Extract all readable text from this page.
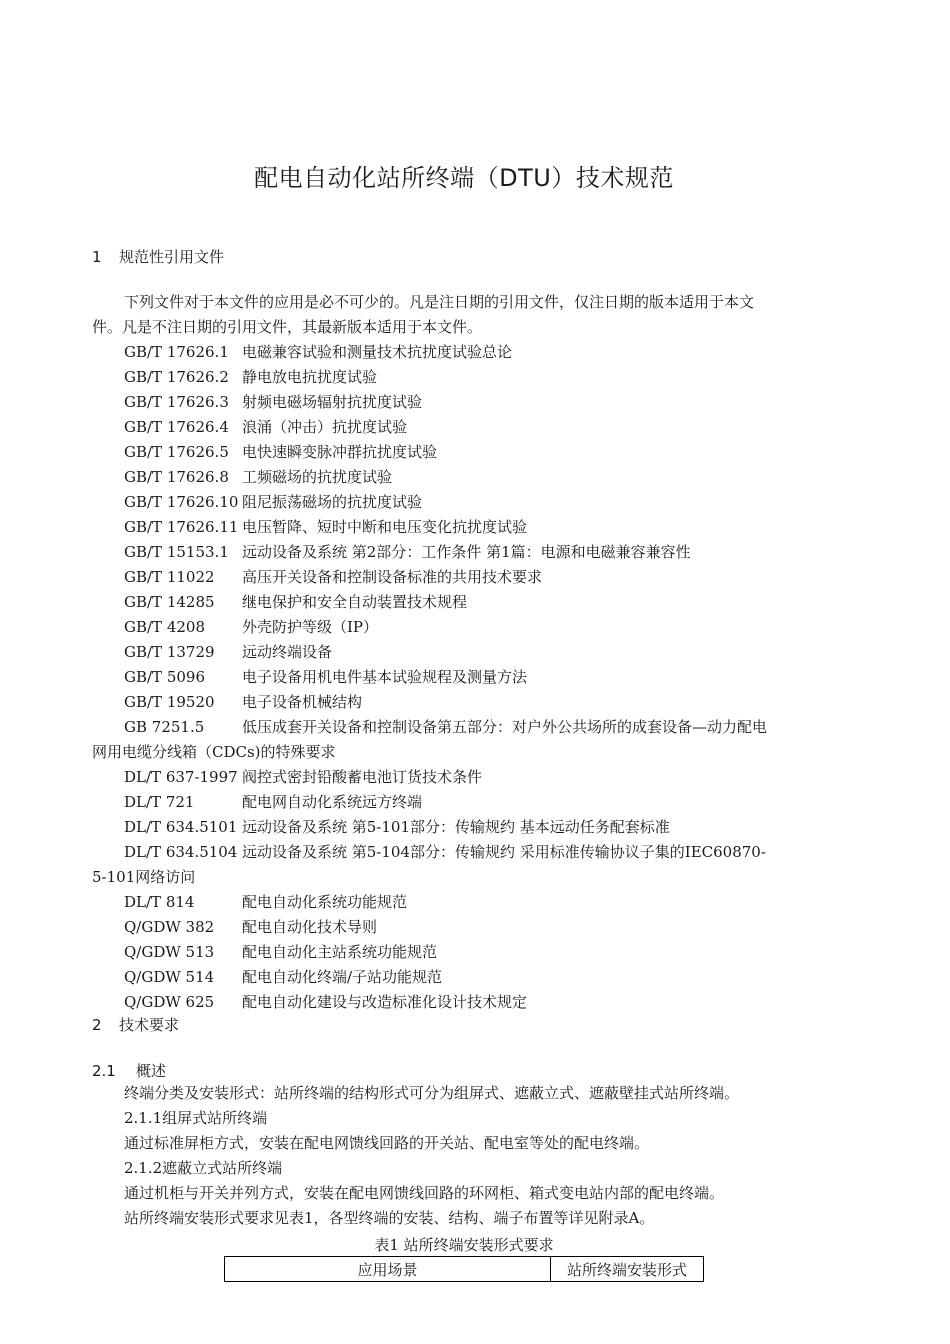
配电自动化站所终端（DTU）技术规范
1 规范性引用文件
下列文件对于本文件的应用是必不可少的。凡是注日期的引用文件，仅注日期的版本适用于本文
件。凡是不注日期的引用文件，其最新版本适用于本文件。
GB/T 17626.1 电磁兼容试验和测量技术抗扰度试验总论
GB/T 17626.2 静电放电抗扰度试验
GB/T 17626.3 射频电磁场辐射抗扰度试验
GB/T 17626.4 浪涌（冲击）抗扰度试验
GB/T 17626.5 电快速瞬变脉冲群抗扰度试验
GB/T 17626.8 工频磁场的抗扰度试验
GB/T 17626.10 阻尼振荡磁场的抗扰度试验
GB/T 17626.11 电压暂降、短时中断和电压变化抗扰度试验
GB/T 15153.1 远动设备及系统 第2部分：工作条件 第1篇：电源和电磁兼容兼容性
GB/T 11022 高压开关设备和控制设备标准的共用技术要求
GB/T 14285 继电保护和安全自动装置技术规程
GB/T 4208 外壳防护等级（IP）
GB/T 13729 远动终端设备
GB/T 5096 电子设备用机电件基本试验规程及测量方法
GB/T 19520 电子设备机械结构
GB 7251.5	低压成套开关设备和控制设备第五部分：对户外公共场所的成套设备—动力配电
网用电缆分线箱（CDCs)的特殊要求
DL/T 637-1997 阀控式密封铅酸蓄电池订货技术条件
DL/T 721	配电网自动化系统远方终端
DL/T 634.5101 远动设备及系统 第5-101部分：传输规约 基本远动任务配套标准
DL/T 634.5104 远动设备及系统 第5-104部分：传输规约 采用标准传输协议子集的IEC60870-
5-101网络访问
DL/T 814	配电自动化系统功能规范
Q/GDW 382 配电自动化技术导则
Q/GDW 513 配电自动化主站系统功能规范
Q/GDW 514 配电自动化终端/子站功能规范
Q/GDW 625 配电自动化建设与改造标准化设计技术规定
2 技术要求
2.1 概述
终端分类及安装形式：站所终端的结构形式可分为组屏式、遮蔽立式、遮蔽壁挂式站所终端。
2.1.1组屏式站所终端
通过标准屏柜方式，安装在配电网馈线回路的开关站、配电室等处的配电终端。
2.1.2遮蔽立式站所终端
通过机柜与开关并列方式，安装在配电网馈线回路的环网柜、箱式变电站内部的配电终端。
站所终端安装形式要求见表1，各型终端的安装、结构、端子布置等详见附录A。
表1 站所终端安装形式要求
应用场景	站所终端安装形式
